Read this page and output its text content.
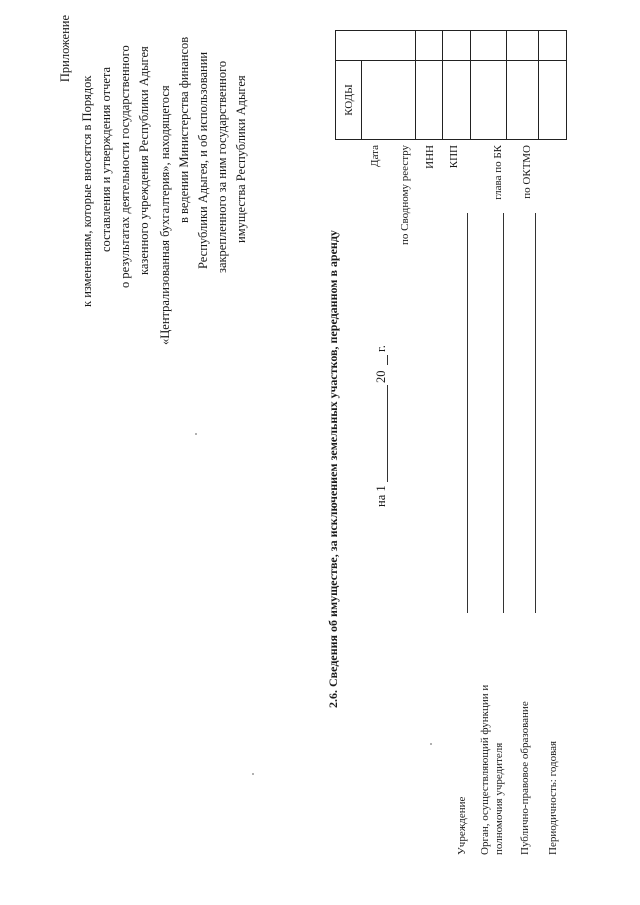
Приложение
к изменениям, которые вносятся в Порядок составления и утверждения отчета о результатах деятельности государственного казенного учреждения Республики Адыгея «Централизованная бухгалтерия», находящегося в ведении Министерства финансов Республики Адыгея, и об использовании закрепленного за ним государственного имущества Республики Адыгея
2.6. Сведения об имуществе, за исключением земельных участков, переданном в аренду	на 1
20
г.
Учреждение Орган, осуществляющий функции и полномочия учредителя Публично-правовое образование Периодичность: годовая
Дата по Сводному реестру ИНН КПП	глава по БК по ОКТМО
КОДЫ
